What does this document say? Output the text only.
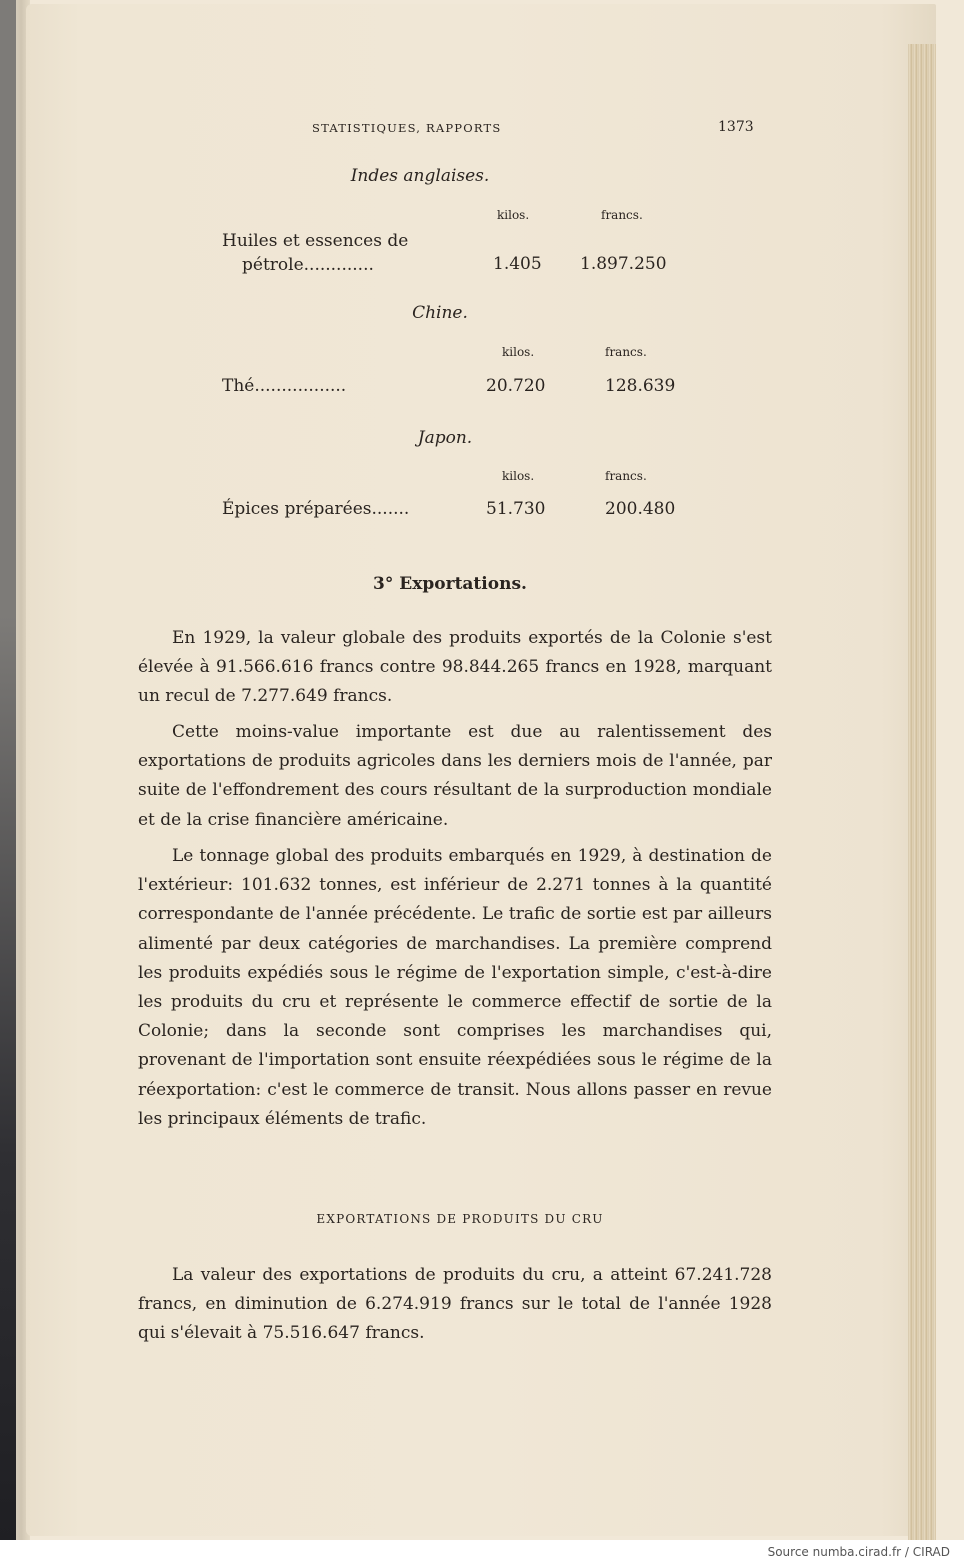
STATISTIQUES, RAPPORTS	1373
Indes anglaises.
kilos.	francs.
Huiles et essences de
pétrole.............	1.405 1.897.250
Chine.
kilos.	francs.
Thé.................	20.720	128.639
Japon.
kilos.	francs.
Épices préparées.......	51.730	200.480
3° Exportations.
En 1929, la valeur globale des produits exportés de la Colonie s'est élevée à 91.566.616 francs contre 98.844.265 francs en 1928, marquant un recul de 7.277.649 francs.
Cette moins-value importante est due au ralentissement des exportations de produits agricoles dans les derniers mois de l'année, par suite de l'effondrement des cours résultant de la surproduction mondiale et de la crise financière américaine.
Le tonnage global des produits embarqués en 1929, à destination de l'extérieur: 101.632 tonnes, est inférieur de 2.271 tonnes à la quantité correspondante de l'année précédente. Le trafic de sortie est par ailleurs alimenté par deux catégories de marchandises. La première comprend les produits expédiés sous le régime de l'exportation simple, c'est-à-dire les produits du cru et représente le commerce effectif de sortie de la Colonie; dans la seconde sont comprises les marchandises qui, provenant de l'importation sont ensuite réexpédiées sous le régime de la réexportation: c'est le commerce de transit. Nous allons passer en revue les principaux éléments de trafic.
EXPORTATIONS DE PRODUITS DU CRU
La valeur des exportations de produits du cru, a atteint 67.241.728 francs, en diminution de 6.274.919 francs sur le total de l'année 1928 qui s'élevait à 75.516.647 francs.
Source numba.cirad.fr / CIRAD
